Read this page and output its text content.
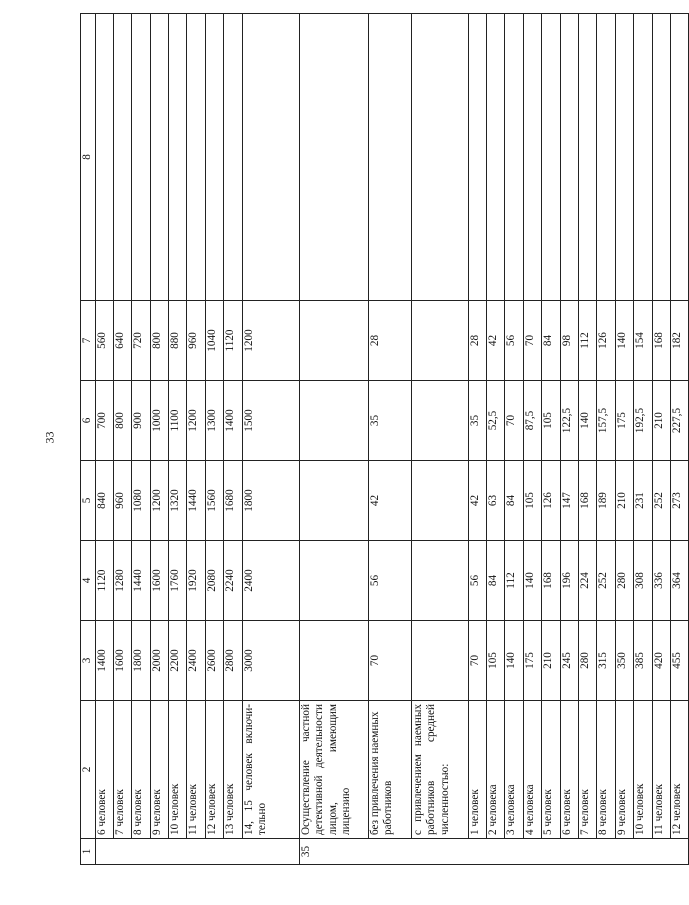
33
1	2	3	4	5	6	7	8
	6 человек	1400	1120	840	700	560	
	7 человек	1600	1280	960	800	640	
	8 человек	1800	1440	1080	900	720	
	9 человек	2000	1600	1200	1000	800	
	10 человек	2200	1760	1320	1100	880	
	11 человек	2400	1920	1440	1200	960	
	12 человек	2600	2080	1560	1300	1040	
	13 человек	2800	2240	1680	1400	1120	
	14, 15 человек включи-тельно	3000	2400	1800	1500	1200	
35	Осуществление частной детективной деятельности лицом, имеющим лицензию						
	без привлечения наемных работников	70	56	42	35	28	
	с привлечением наемных работников средней численностью:						
	1 человек	70	56	42	35	28	
	2 человека	105	84	63	52,5	42	
	3 человека	140	112	84	70	56	
	4 человека	175	140	105	87,5	70	
	5 человек	210	168	126	105	84	
	6 человек	245	196	147	122,5	98	
	7 человек	280	224	168	140	112	
	8 человек	315	252	189	157,5	126	
	9 человек	350	280	210	175	140	
	10 человек	385	308	231	192,5	154	
	11 человек	420	336	252	210	168	
	12 человек	455	364	273	227,5	182	
